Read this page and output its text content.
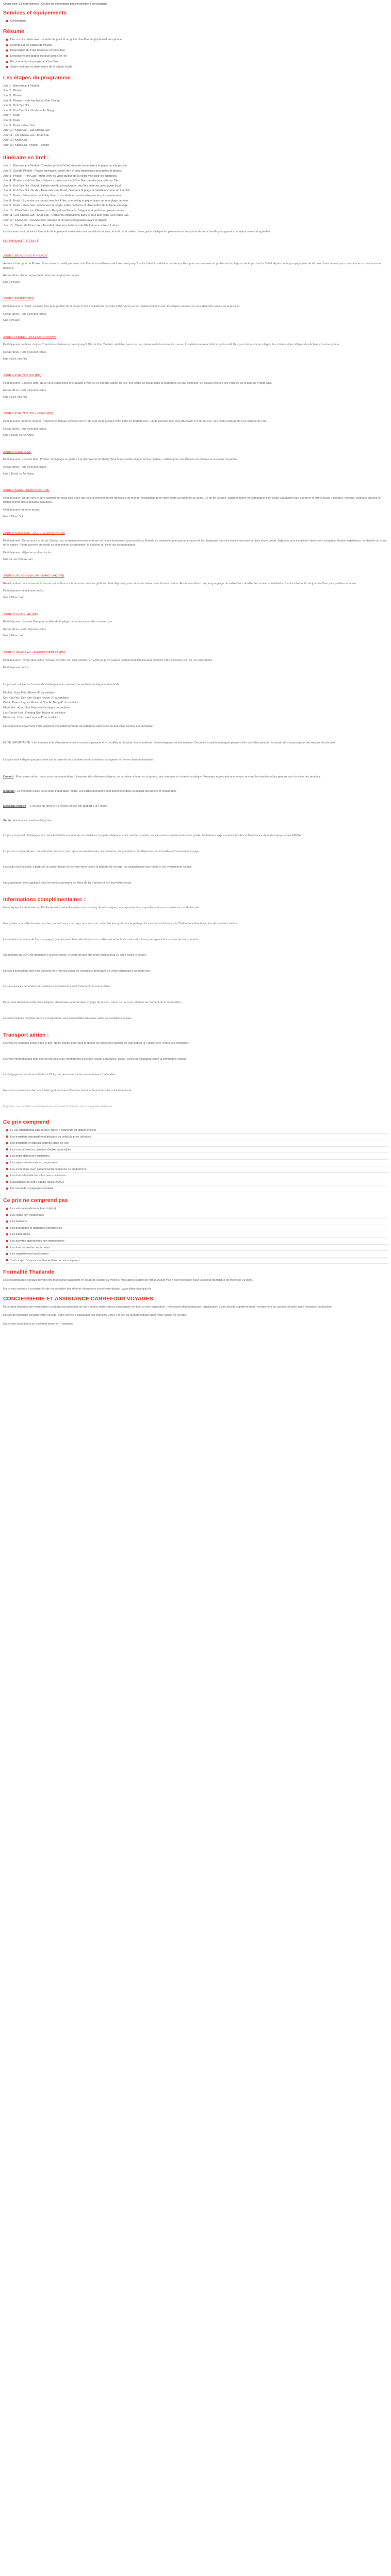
Circuit pour 1 à 6 personnes - Ce prix ne correspond pas l'ensemble 3 conciergerie
Services et équipements
Conciergerie
Résumé
Des circuits privés avec un véhicule privé et un guide chauffeur anglophone/francophone
Détente sur les plages de Phuket
Dégustation de fruits tropicaux et fruits frais
Découverte des plages les plus belles de l'île
Excursion dans la jungle de Khao Sok
Safari nocturne et observation de la nature locale
Les étapes du programme :
Jour 1 : Bienvenue à Phuket
Jour 2 : Phuket
Jour 3 : Phuket
Jour 4 : Phuket - Koh Yao Noi ou Koh Yao Yai
Jour 5 : Koh Yao Noi
Jour 6 : Koh Yao Noi - Krabi ou Ao Nang
Jour 7 : Krabi
Jour 8 : Krabi
Jour 9 : Krabi - Khao Sok
Jour 10 : Khao Sok - Lac Cheow Lan
Jour 11 : Lac Cheow Lan - Khao Lak
Jour 12 : Khao Lak
Jour 13 : Khao Lak - Phuket - départ
Itinéraire en bref :
Jour 1 : Bienvenue à Phuket - Transfert privé à l'hôtel, détente immédiate à la plage ou à la piscine.
Jour 2 : Sud de Phuket - Plages sauvages, vision libre et jeux aquatiques pour petits et grands.
Jour 3 : Phuket - Fort Cap Phrom Thep ou visite guidée de la vieille ville pour les amateurs.
Jour 4 : Phuket - Koh Yao Noi - Bateau express vers Koh Yao Noi, paradis tranquille sur l'île.
Jour 5 : Koh Yao Noi - Kayak, balade en vélo et exploration des îles désertes avec guide local.
Jour 6 : Koh Yao Noi - Krabi - Traversée vers Krabi, détente à la plage et balade nocturne au marché.
Jour 7 : Krabi - Découverte de Railay Beach, escalade ou randonnée pour les plus aventureux.
Jour 8 : Krabi - Excursion en bateau vers les 4 îles, snorkeling et pique-nique sur une plage de rêve.
Jour 9 : Krabi - Khao Sok - Route vers la jungle, safari nocturne et observation de la faune sauvage.
Jour 10 : Khao Sok - Lac Cheow Lan - Bungalows flottants, baignade et grottes en pleine nature.
Jour 11 : Lac Cheow Lan - Khao Lak - Dernières explorations dans le parc puis route vers Khao Lak.
Jour 12 : Khao Lak - Journée libre, détente et dernières baignades avant le départ.
Jour 13 : Départ de Khao Lak - Transfert privé vers l'aéroport de Phuket pour votre vol retour.
Les horaires sont donnés à titre indicatif et peuvent varier selon les conditions locales, le trafic et la météo. Votre guide s'adapte en permanence au rythme de votre famille pour garantir un séjour serein et agréable.
PROGRAMME DETAILLÉ
JOUR 1 BIENVENUE À PHUKET
Arrivée à l'aéroport de Phuket. Vous serez accueilli par votre chauffeur et transféré en véhicule privé jusqu'à votre hôtel. Installation puis temps libre pour vous reposer et profiter de la plage ou de la piscine de l'hôtel. Après un long voyage, rien de tel qu'un bain de mer pour commencer vos vacances en douceur.
Repas libres. Aucun repas n'est prévu au programme ce jour.
Nuit à Phuket
JOUR 2 PHUKET (PM)
Petit déjeuner à l'hôtel. Journée libre pour profiter de la plage et des installations de votre hôtel. Vous pouvez également découvrir les plages voisines ou vous détendre autour de la piscine.
Repas libres. Petit déjeuner inclus.
Nuit à Phuket
JOUR 3 PHUKET - KOH YAO NOI (PM)
Petit déjeuner au lever du jour. Transfert en bateau express jusqu'à l'île de Koh Yao Noi, véritable havre de paix préservé du tourisme de masse. Installation à votre hôtel et après-midi libre pour découvrir les plages, les rizières et les villages de pêcheurs à votre rythme.
Repas libres. Petit déjeuner inclus.
Nuit à Koh Yao Noi
JOUR 4 KOH YAO NOI (PM)
Petit déjeuner. Journée libre. Nous vous conseillons une balade à vélo ou en scooter autour de l'île, une sortie en kayak dans la mangrove ou une excursion en bateau vers les îles voisines de la baie de Phang Nga.
Repas libres. Petit déjeuner inclus.
Nuit à Koh Yao Noi
JOUR 5 KOH YAO NOI - KRABI (PM)
Petit déjeuner au lever du jour. Transfert en bateau express vers Krabi puis route jusqu'à votre hôtel en bord de mer. Fin de journée libre pour découvrir le front de mer, ses petits restaurants et le marché de nuit.
Repas libres. Petit déjeuner inclus.
Nuit à Krabi ou Ao Nang
JOUR 6 KRABI (PM)
Petit déjeuner. Journée libre. Profitez de la plage ou partez à la découverte de Railay Beach accessible uniquement en bateau, célèbre pour ses falaises de calcaire et ses eaux turquoise.
Repas libres. Petit déjeuner inclus.
Nuit à Krabi ou Ao Nang
JOUR 7 KRABI - KHAO SOK (PM)
Petit déjeuner. Route vers le parc national de Khao Sok, l'une des plus anciennes forêts tropicales du monde. Installation dans votre lodge au cœur de la jungle. En fin de journée, safari nocturne en compagnie d'un guide naturaliste pour observer la faune locale : insectes, oiseaux, serpents, geckos et parfois même des éléphants sauvages.
Petit déjeuner et dîner inclus.
Nuit à Khao Sok
JOUR 8 KHAO SOK - LAC CHEOW LAN (PM)
Petit déjeuner. Départ pour le lac de Cheow Lan, immense réservoir entouré de pitons karstiques spectaculaires. Balade en bateau longue queue à travers le lac, baignade dans les eaux émeraude et visite d'une grotte. Déjeuner puis installation dans votre bungalow flottant, expérience inoubliable au cœur de la nature. Fin de journée en kayak ou simplement à contempler le coucher du soleil sur les montagnes.
Petit déjeuner, déjeuner et dîner inclus.
Nuit au Lac Cheow Lan
JOUR 9 LAC CHEOW LAN - KHAO LAK (PM)
Réveil matinal pour observer la brume qui se lève sur le lac et écouter les gibbons. Petit déjeuner, puis retour en bateau vers l'embarcadère. Route vers Khao Lak, longue plage de sable blanc bordée de cocotiers. Installation à votre hôtel et fin de journée libre pour profiter de la mer.
Petit déjeuner et déjeuner inclus.
Nuit à Khao Lak
JOUR 10 KHAO LAK (PM)
Petit déjeuner. Journée libre pour profiter de la plage, de la piscine ou d'un soin au spa.
Repas libres. Petit déjeuner inclus.
Nuit à Khao Lak
JOUR 11 KHAO LAK - PHUKET DÉPART (PM)
Petit déjeuner. Temps libre selon l'horaire de votre vol, puis transfert en véhicule privé jusqu'à l'aéroport de Phuket pour prendre votre vol retour. Fin de nos prestations.
Petit déjeuner inclus.
Le prix est calculé sur la base des hébergements suivants ou similaires (catégorie standard) :
Phuket : Kata Palm Resort 4* ou similaire
Koh Yao Noi : Koh Yao Village Resort 3* ou similaire
Krabi : Peace Laguna Resort & Spa Ao Nang 4* ou similaire
Khao Sok : Khao Sok Riverside Cottages ou similaire
Lac Cheow Lan : Floating Raft House ou similaire
Khao Lak : Khao Lak Laguna 4* ou similaire
Nous pouvons également vous proposer des hébergements de catégorie supérieure ou des villas privées sur demande.
NOTE IMPORTANTE : Les horaires et le déroulement des excursions peuvent être modifiés en fonction des conditions météorologiques et des marées. Certaines activités nautiques peuvent être annulées pendant la saison de mousson pour des raisons de sécurité.
Les prix sont indiqués par personne sur la base de deux adultes et deux enfants partageant la même chambre familiale.
Conseil : Pour votre confort, nous vous recommandons d'emporter des vêtements légers, de la crème solaire, un chapeau, des sandales et un anti-moustique. Prévoyez également une tenue couvrant les épaules et les genoux pour la visite des temples.
Monnaie : La monnaie locale est le Baht thaïlandais (THB). Les cartes bancaires sont acceptées dans la plupart des hôtels et restaurants.
Décalage horaire : +5 heures en hiver et +6 heures en été par rapport à la France.
Santé : Aucune vaccination obligatoire.
Le prix comprend : l'hébergement dans les hôtels mentionnés ou similaires, les petits déjeuners, les transferts privés, les excursions mentionnées avec guide, les bateaux express entre les îles et l'assistance de notre équipe locale 24h/24.
Le prix ne comprend pas : les vols internationaux, les repas non mentionnés, les boissons, les pourboires, les dépenses personnelles et l'assurance voyage.
Les tarifs sont calculés à partir de la saison basse et peuvent varier selon la période de voyage, les disponibilités des hôtels et les événements locaux.
Un supplément sera appliqué pour les séjours pendant les fêtes de fin d'année et le Nouvel An chinois.
Informations complémentaires :
Notre équipe locale basée en Thaïlande est à votre disposition tout au long de votre séjour pour répondre à vos questions et vous assister en cas de besoin.
Nos guides sont sélectionnés pour leur connaissance du pays, leur sens du contact et leur goût pour le partage. Ils vous feront découvrir la Thaïlande authentique, loin des sentiers battus.
Les enfants de moins de 2 ans voyagent gratuitement. Une réduction est accordée aux enfants de moins de 12 ans partageant la chambre de leurs parents.
Un acompte de 30% est demandé à la réservation, le solde devant être réglé au plus tard 30 jours avant le départ.
En cas d'annulation, des frais pourront être retenus selon les conditions générales de vente disponibles sur notre site.
Les assurances annulation et assistance rapatriement sont fortement recommandées.
Pour toute demande particulière (régime alimentaire, anniversaire, voyage de noces), merci de nous en informer au moment de la réservation.
Les informations données dans ce programme sont susceptibles d'évoluer selon les conditions locales.
Transport aérien :
Les vols ne sont pas inclus dans le prix. Notre équipe peut vous proposer les meilleures options de vols depuis la France vers Phuket sur demande.
Les vols internationaux sont opérés par plusieurs compagnies avec une escale à Bangkok, Dubaï, Doha ou Singapour selon la compagnie choisie.
Les bagages en soute sont limités à 20 kg par personne sur les vols intérieurs thaïlandais.
Nous recommandons d'arriver à l'aéroport au moins 3 heures avant le départ de votre vol international.
Important : les conditions de transport peuvent varier en fonction des compagnies aériennes.
Ce prix comprend
Le vol international aller-retour France / Thaïlande (si option choisie)
Les transferts aéroport/hôtel/aéroport en véhicule privé climatisé
Les transferts en bateau express entre les îles
Les nuits d'hôtel en chambre double ou familiale
Les petits déjeuners quotidiens
Les repas mentionnés au programme
Les excursions avec guide local francophone ou anglophone
Les droits d'entrée dans les parcs nationaux
L'assistance de notre équipe locale 24h/24
Un carnet de voyage personnalisé
Ce prix ne comprend pas
Les vols internationaux (sauf option)
Les repas non mentionnés
Les boissons
Les pourboires et dépenses personnelles
Les assurances
Les activités optionnelles non mentionnées
Les frais de visa le cas échéant
Les suppléments haute saison
Tout ce qui n'est pas mentionné dans ce prix comprend
Formalité Thaïlande
Les ressortissants français doivent être munis d'un passeport en cours de validité au moins 6 mois après la date de retour. Aucun visa n'est nécessaire pour un séjour touristique de moins de 30 jours.
Nous vous invitons à consulter le site du ministère des Affaires étrangères avant votre départ : www.diplomatie.gouv.fr
CONCIERGERIE ET ASSISTANCE CARREFOUR VOYAGES
Pour toute demande de modification ou de personnalisation de votre séjour, notre service conciergerie se tient à votre disposition : réservation d'un restaurant, organisation d'une activité supplémentaire, recherche d'un cadeau ou toute autre demande particulière.
En cas de problème pendant votre voyage, notre service d'assistance est joignable 24h/24 et 7j/7 au numéro indiqué dans votre carnet de voyage.
Nous vous souhaitons un excellent séjour en Thaïlande !
